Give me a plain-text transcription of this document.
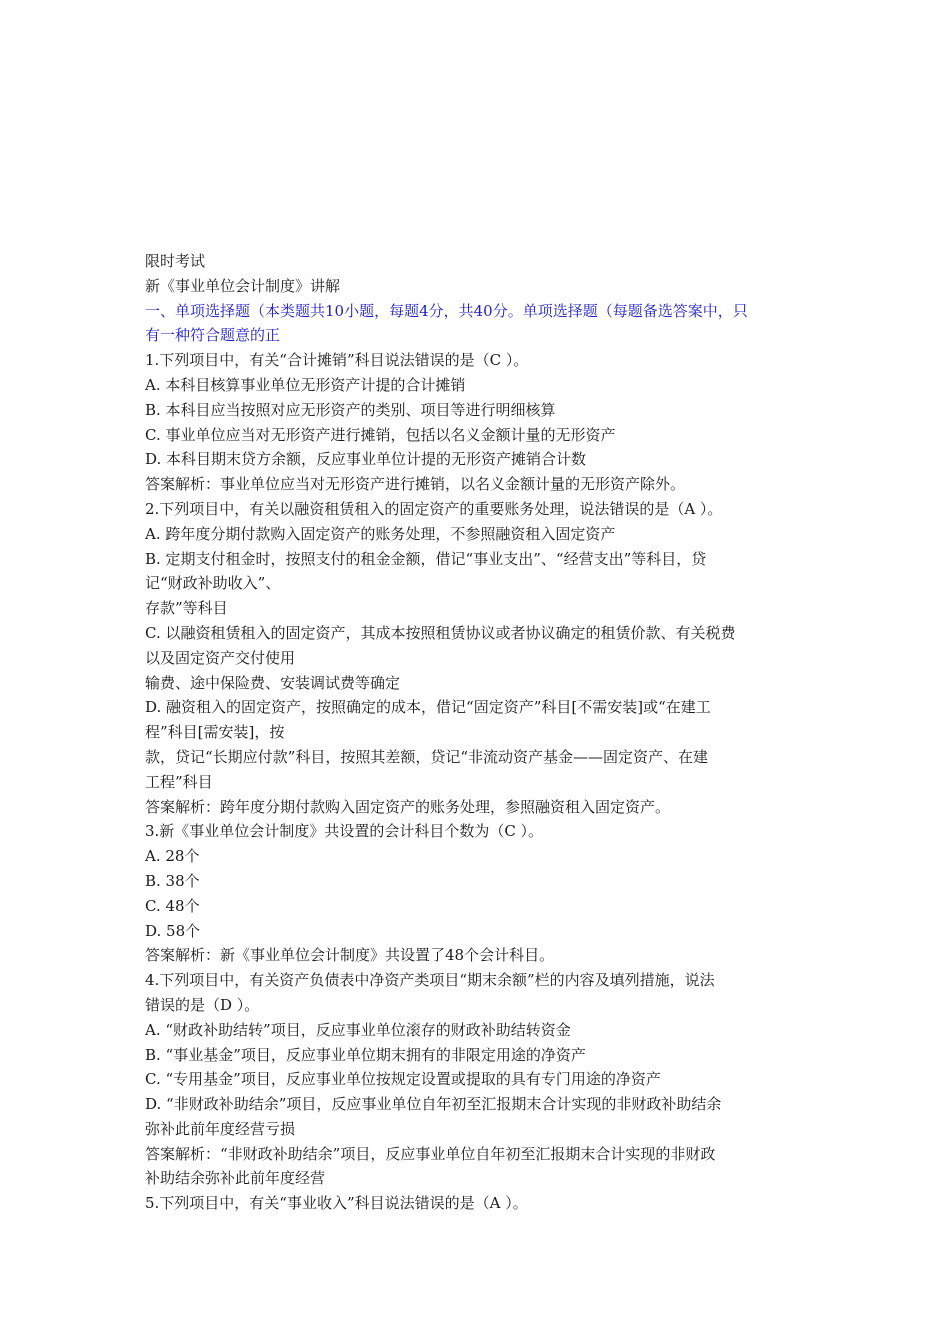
限时考试
新《事业单位会计制度》讲解
一、单项选择题（本类题共10小题，每题4分，共40分。单项选择题（每题备选答案中，只
有一种符合题意的正
1.下列项目中，有关“合计摊销”科目说法错误的是（C ）。
A. 本科目核算事业单位无形资产计提的合计摊销
B. 本科目应当按照对应无形资产的类别、项目等进行明细核算
C. 事业单位应当对无形资产进行摊销，包括以名义金额计量的无形资产
D. 本科目期末贷方余额，反应事业单位计提的无形资产摊销合计数
答案解析：事业单位应当对无形资产进行摊销，以名义金额计量的无形资产除外。
2.下列项目中，有关以融资租赁租入的固定资产的重要账务处理，说法错误的是（A ）。
A. 跨年度分期付款购入固定资产的账务处理，不参照融资租入固定资产
B. 定期支付租金时，按照支付的租金金额，借记“事业支出”、“经营支出”等科目，贷
记“财政补助收入”、
存款”等科目
C. 以融资租赁租入的固定资产，其成本按照租赁协议或者协议确定的租赁价款、有关税费
以及固定资产交付使用
输费、途中保险费、安装调试费等确定
D. 融资租入的固定资产，按照确定的成本，借记“固定资产”科目[不需安装]或“在建工
程”科目[需安装]，按
款，贷记“长期应付款”科目，按照其差额，贷记“非流动资产基金——固定资产、在建
工程”科目
答案解析：跨年度分期付款购入固定资产的账务处理，参照融资租入固定资产。
3.新《事业单位会计制度》共设置的会计科目个数为（C ）。
A. 28个
B. 38个
C. 48个
D. 58个
答案解析：新《事业单位会计制度》共设置了48个会计科目。
4.下列项目中，有关资产负债表中净资产类项目“期末余额”栏的内容及填列措施，说法
错误的是（D ）。
A. “财政补助结转”项目，反应事业单位滚存的财政补助结转资金
B. “事业基金”项目，反应事业单位期末拥有的非限定用途的净资产
C. “专用基金”项目，反应事业单位按规定设置或提取的具有专门用途的净资产
D. “非财政补助结余”项目，反应事业单位自年初至汇报期末合计实现的非财政补助结余
弥补此前年度经营亏损
答案解析：“非财政补助结余”项目，反应事业单位自年初至汇报期末合计实现的非财政
补助结余弥补此前年度经营
5.下列项目中，有关“事业收入”科目说法错误的是（A ）。
